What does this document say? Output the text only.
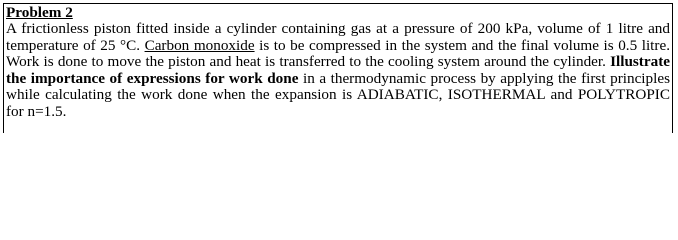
Problem 2

A frictionless piston fitted inside a cylinder containing gas at a pressure of 200 kPa, volume of 1 litre and temperature of 25 °C. Carbon monoxide is to be compressed in the system and the final volume is 0.5 litre. Work is done to move the piston and heat is transferred to the cooling system around the cylinder. Illustrate the importance of expressions for work done in a thermodynamic process by applying the first principles while calculating the work done when the expansion is ADIABATIC, ISOTHERMAL and POLYTROPIC for n=1.5.
